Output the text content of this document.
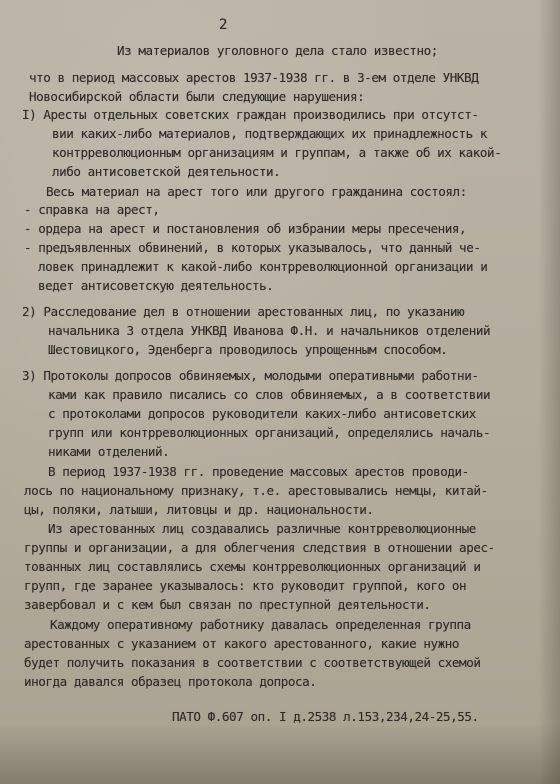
2
Из материалов уголовного дела стало известно;
что в период массовых арестов 1937-1938 гг. в 3-ем отделе УНКВД
Новосибирской области были следующие нарушения:
I) Аресты отдельных советских граждан производились при отсутст-
вии каких-либо материалов, подтверждающих их принадлежность к
контрреволюционным организациям и группам, а также об их какой-
либо антисоветской деятельности.
Весь материал на арест того или другого гражданина состоял:
- справка на арест,
- ордера на арест и постановления об избрании меры пресечения,
- предъявленных обвинений, в которых указывалось, что данный че-
ловек принадлежит к какой-либо контрреволюционной организации и
ведет антисоветскую деятельность.
2) Расследование дел в отношении арестованных лиц, по указанию
начальника 3 отдела УНКВД Иванова Ф.Н. и начальников отделений
Шестовицкого, Эденберга проводилось упрощенным способом.
3) Протоколы допросов обвиняемых, молодыми оперативными работни-
ками как правило писались со слов обвиняемых, а в соответствии
с протоколами допросов руководители каких-либо антисоветских
групп или контрреволюционных организаций, определялись началь-
никами отделений.
В период 1937-1938 гг. проведение массовых арестов проводи-
лось по национальному признаку, т.е. арестовывались немцы, китай-
цы, поляки, латыши, литовцы и др. национальности.
Из арестованных лиц создавались различные контрреволюционные
группы и организации, а для облегчения следствия в отношении арес-
тованных лиц составлялись схемы контрреволюционных организаций и
групп, где заранее указывалось: кто руководит группой, кого он
завербовал и с кем был связан по преступной деятельности.
Каждому оперативному работнику давалась определенная группа
арестованных с указанием от какого арестованного, какие нужно
будет получить показания в соответствии с соответствующей схемой
иногда давался образец протокола допроса.
ПАТО Ф.607 оп. I д.2538 л.153,234,24-25,55.
